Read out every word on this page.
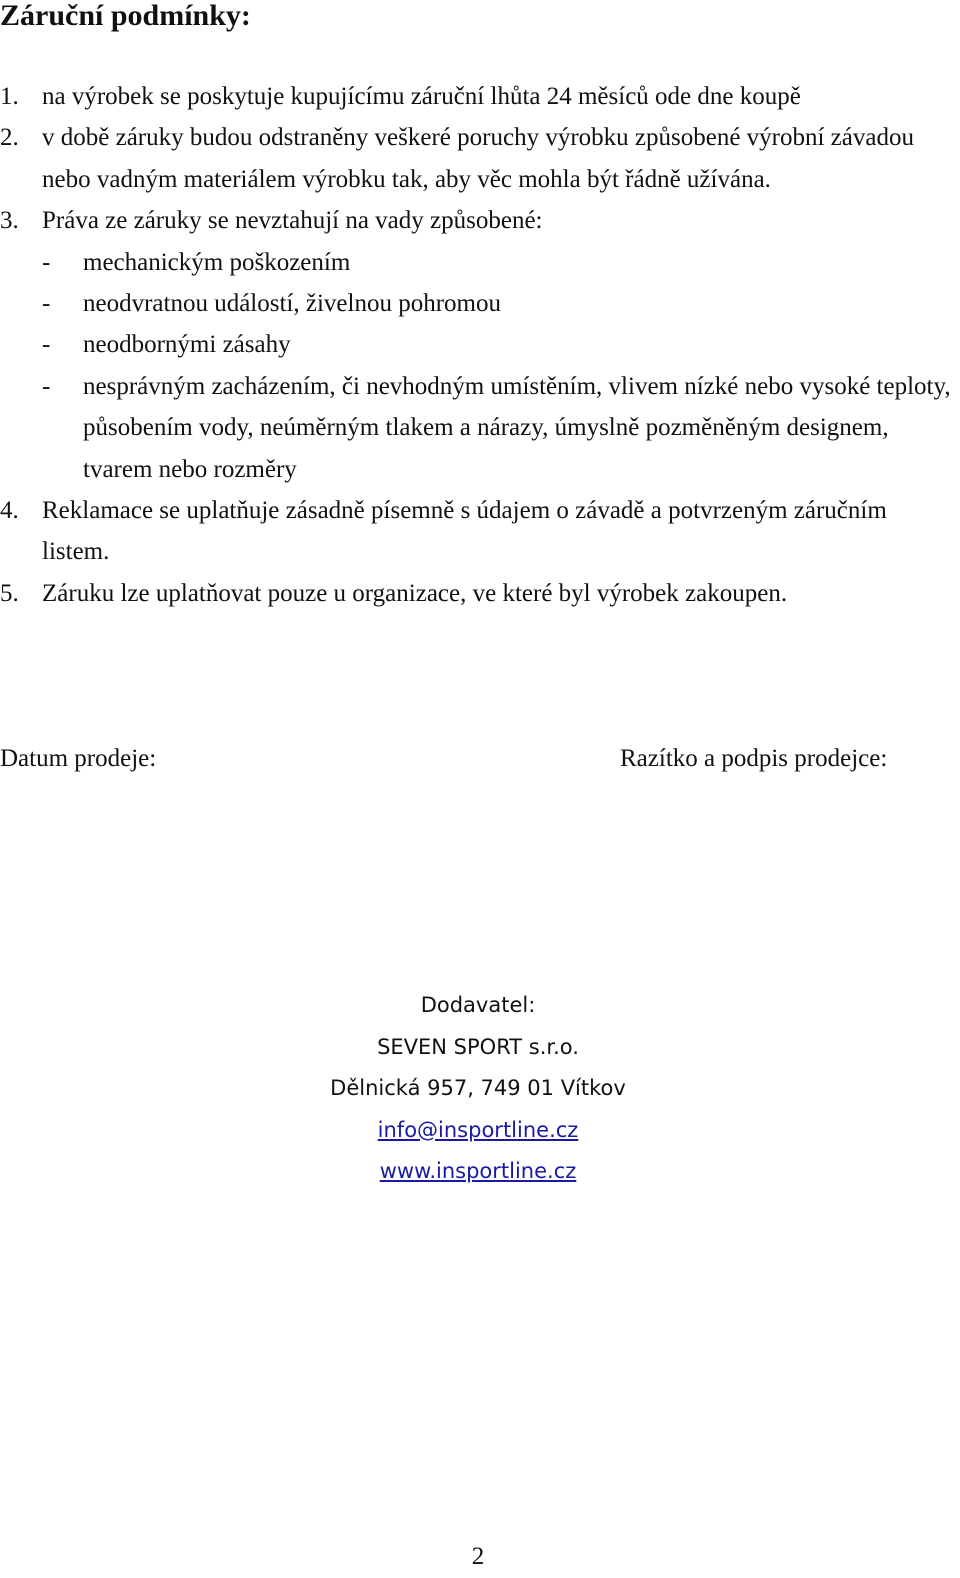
Záruční podmínky:
1. na výrobek se poskytuje kupujícímu záruční lhůta 24 měsíců ode dne koupě
2. v době záruky budou odstraněny veškeré poruchy výrobku způsobené výrobní závadou nebo vadným materiálem výrobku tak, aby věc mohla být řádně užívána.
3. Práva ze záruky se nevztahují na vady způsobené:
- mechanickým poškozením
- neodvratnou událostí, živelnou pohromou
- neodbornými zásahy
- nesprávným zacházením, či nevhodným umístěním, vlivem nízké nebo vysoké teploty, působením vody, neúměrným tlakem a nárazy, úmyslně pozměněným designem, tvarem nebo rozměry
4. Reklamace se uplatňuje zásadně písemně s údajem o závadě a potvrzeným záručním listem.
5. Záruku lze uplatňovat pouze u organizace, ve které byl výrobek zakoupen.
Datum prodeje:	Razítko a podpis prodejce:
Dodavatel:
SEVEN SPORT s.r.o.
Dělnická 957, 749 01 Vítkov
info@insportline.cz
www.insportline.cz
2
